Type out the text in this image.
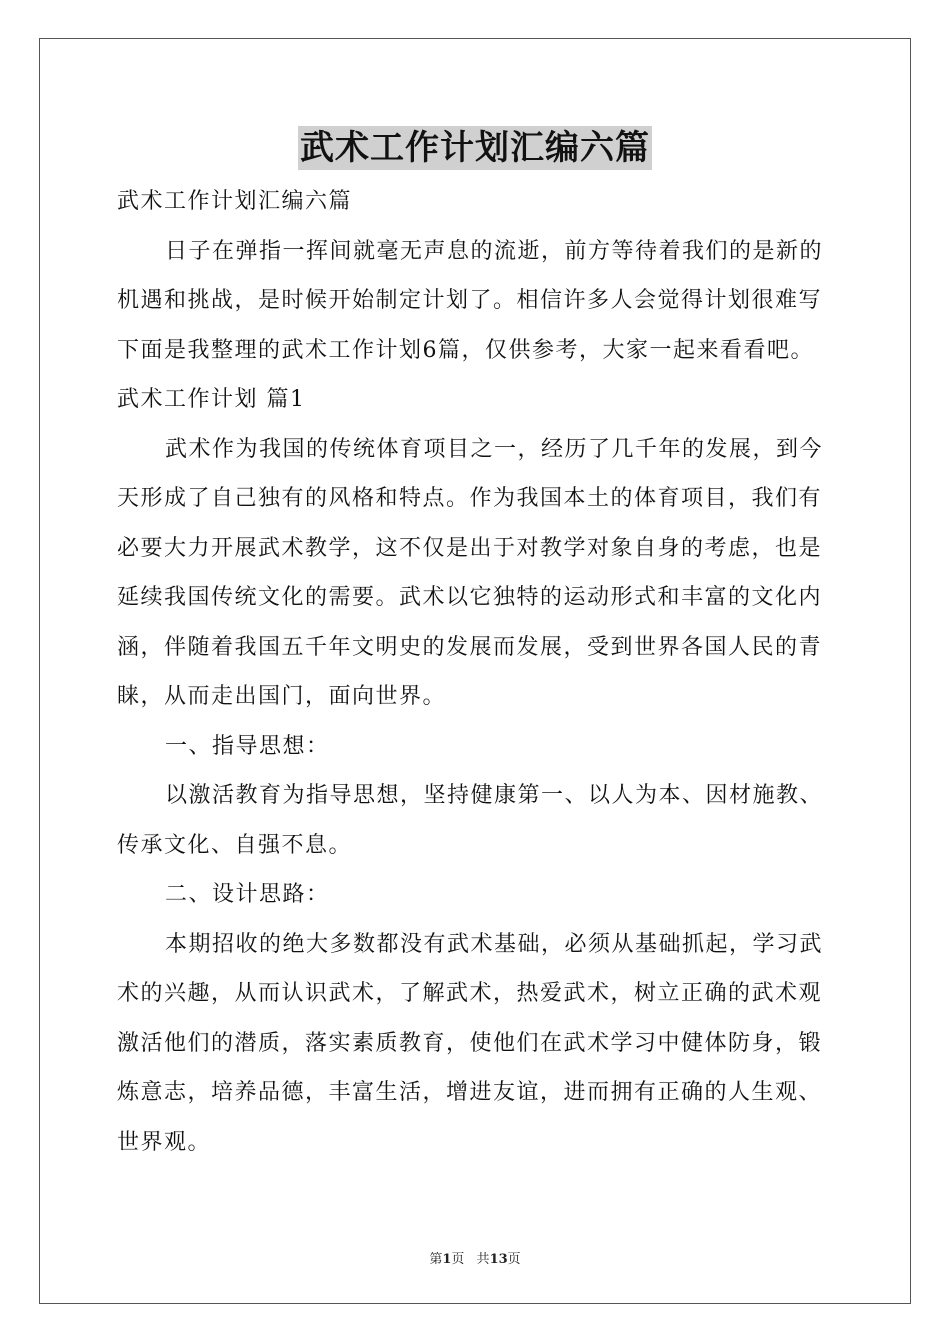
武术工作计划汇编六篇
武术工作计划汇编六篇
日子在弹指一挥间就毫无声息的流逝，前方等待着我们的是新的
机遇和挑战，是时候开始制定计划了。相信许多人会觉得计划很难写
下面是我整理的武术工作计划6篇，仅供参考，大家一起来看看吧。
武术工作计划 篇1
武术作为我国的传统体育项目之一，经历了几千年的发展，到今
天形成了自己独有的风格和特点。作为我国本土的体育项目，我们有
必要大力开展武术教学，这不仅是出于对教学对象自身的考虑，也是
延续我国传统文化的需要。武术以它独特的运动形式和丰富的文化内
涵，伴随着我国五千年文明史的发展而发展，受到世界各国人民的青
睐，从而走出国门，面向世界。
一、指导思想：
以激活教育为指导思想，坚持健康第一、以人为本、因材施教、
传承文化、自强不息。
二、设计思路：
本期招收的绝大多数都没有武术基础，必须从基础抓起，学习武
术的兴趣，从而认识武术，了解武术，热爱武术，树立正确的武术观
激活他们的潜质，落实素质教育，使他们在武术学习中健体防身，锻
炼意志，培养品德，丰富生活，增进友谊，进而拥有正确的人生观、
世界观。
第1页 共13页
